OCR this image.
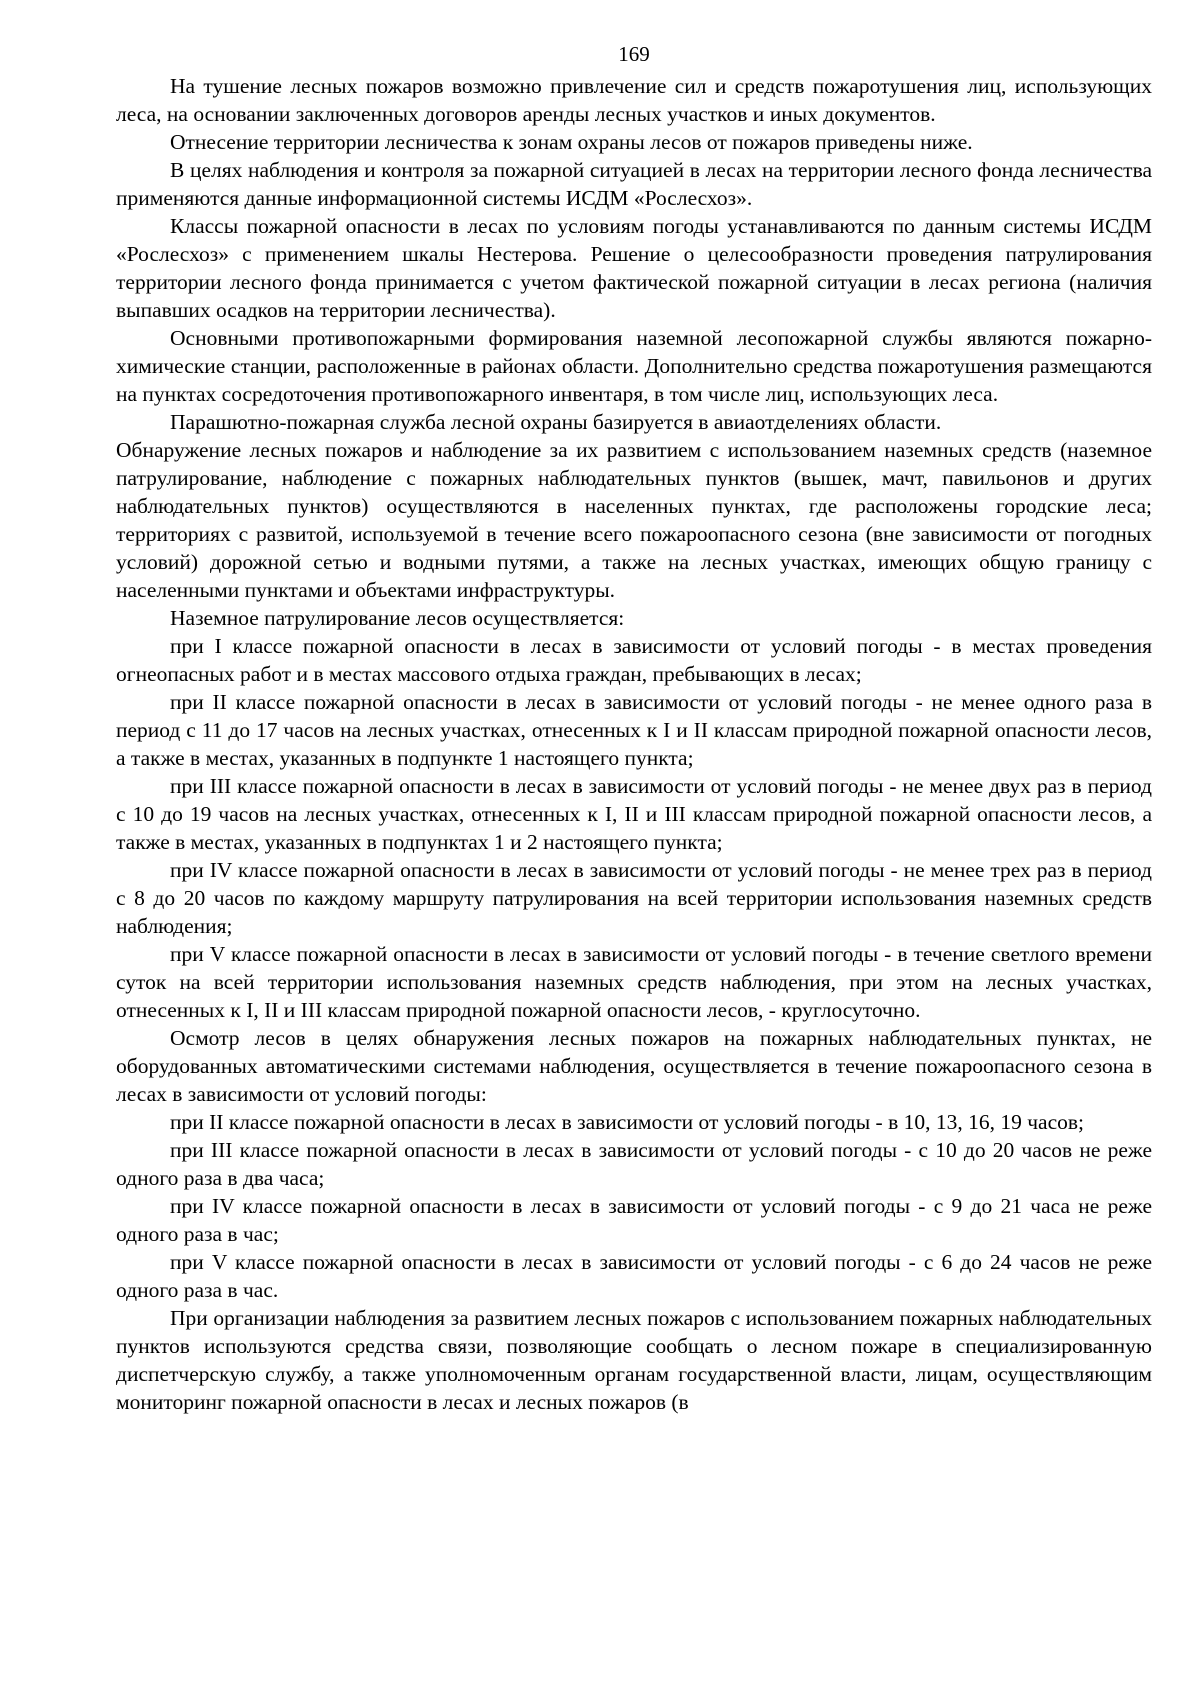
169

На тушение лесных пожаров возможно привлечение сил и средств пожаротушения лиц, использующих леса, на основании заключенных договоров аренды лесных участков и иных документов.

Отнесение территории лесничества к зонам охраны лесов от пожаров приведены ниже.

В целях наблюдения и контроля за пожарной ситуацией в лесах на территории лесного фонда лесничества применяются данные информационной системы ИСДМ «Рослесхоз».

Классы пожарной опасности в лесах по условиям погоды устанавливаются по данным системы ИСДМ «Рослесхоз» с применением шкалы Нестерова. Решение о целесообразности проведения патрулирования территории лесного фонда принимается с учетом фактической пожарной ситуации в лесах региона (наличия выпавших осадков на территории лесничества).

Основными противопожарными формирования наземной лесопожарной службы являются пожарно-химические станции, расположенные в районах области. Дополнительно средства пожаротушения размещаются на пунктах сосредоточения противопожарного инвентаря, в том числе лиц, использующих леса.

Парашютно-пожарная служба лесной охраны базируется в авиаотделениях области.

Обнаружение лесных пожаров и наблюдение за их развитием с использованием наземных средств (наземное патрулирование, наблюдение с пожарных наблюдательных пунктов (вышек, мачт, павильонов и других наблюдательных пунктов) осуществляются в населенных пунктах, где расположены городские леса; территориях с развитой, используемой в течение всего пожароопасного сезона (вне зависимости от погодных условий) дорожной сетью и водными путями, а также на лесных участках, имеющих общую границу с населенными пунктами и объектами инфраструктуры.

Наземное патрулирование лесов осуществляется:

при I классе пожарной опасности в лесах в зависимости от условий погоды - в местах проведения огнеопасных работ и в местах массового отдыха граждан, пребывающих в лесах;

при II классе пожарной опасности в лесах в зависимости от условий погоды - не менее одного раза в период с 11 до 17 часов на лесных участках, отнесенных к I и II классам природной пожарной опасности лесов, а также в местах, указанных в подпункте 1 настоящего пункта;

при III классе пожарной опасности в лесах в зависимости от условий погоды - не менее двух раз в период с 10 до 19 часов на лесных участках, отнесенных к I, II и III классам природной пожарной опасности лесов, а также в местах, указанных в подпунктах 1 и 2 настоящего пункта;

при IV классе пожарной опасности в лесах в зависимости от условий погоды - не менее трех раз в период с 8 до 20 часов по каждому маршруту патрулирования на всей территории использования наземных средств наблюдения;

при V классе пожарной опасности в лесах в зависимости от условий погоды - в течение светлого времени суток на всей территории использования наземных средств наблюдения, при этом на лесных участках, отнесенных к I, II и III классам природной пожарной опасности лесов, - круглосуточно.

Осмотр лесов в целях обнаружения лесных пожаров на пожарных наблюдательных пунктах, не оборудованных автоматическими системами наблюдения, осуществляется в течение пожароопасного сезона в лесах в зависимости от условий погоды:

при II классе пожарной опасности в лесах в зависимости от условий погоды - в 10, 13, 16, 19 часов;

при III классе пожарной опасности в лесах в зависимости от условий погоды - с 10 до 20 часов не реже одного раза в два часа;

при IV классе пожарной опасности в лесах в зависимости от условий погоды - с 9 до 21 часа не реже одного раза в час;

при V классе пожарной опасности в лесах в зависимости от условий погоды - с 6 до 24 часов не реже одного раза в час.

При организации наблюдения за развитием лесных пожаров с использованием пожарных наблюдательных пунктов используются средства связи, позволяющие сообщать о лесном пожаре в специализированную диспетчерскую службу, а также уполномоченным органам государственной власти, лицам, осуществляющим мониторинг пожарной опасности в лесах и лесных пожаров (в
